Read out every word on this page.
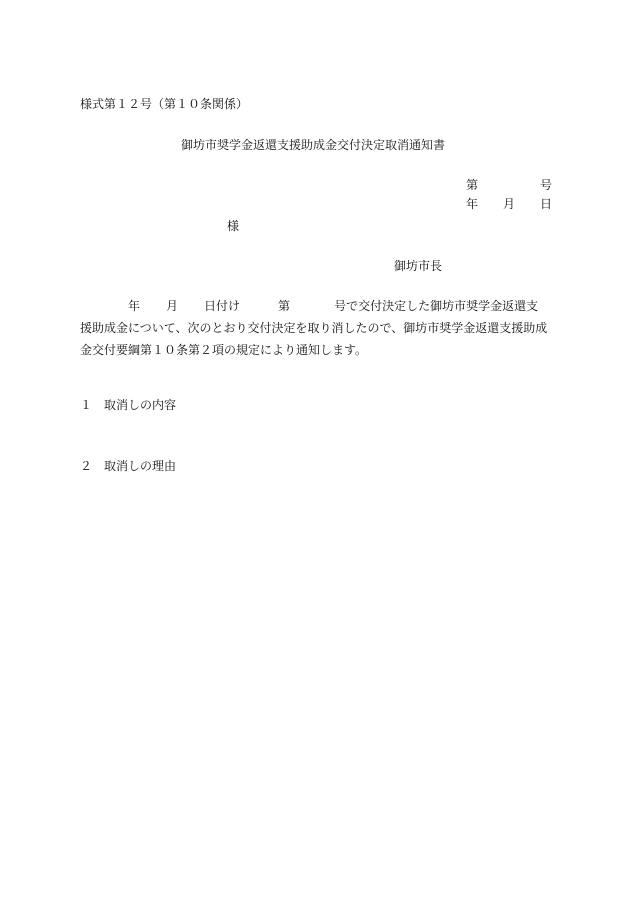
様式第１２号（第１０条関係）
御坊市奨学金返還支援助成金交付決定取消通知書
第	号
年 月 日
様
御坊市長
年 月 日付け	第	号で交付決定した御坊市奨学金返還支
援助成金について、次のとおり交付決定を取り消したので、御坊市奨学金返還支援助成
金交付要綱第１０条第２項の規定により通知します。
１ 取消しの内容
２ 取消しの理由
